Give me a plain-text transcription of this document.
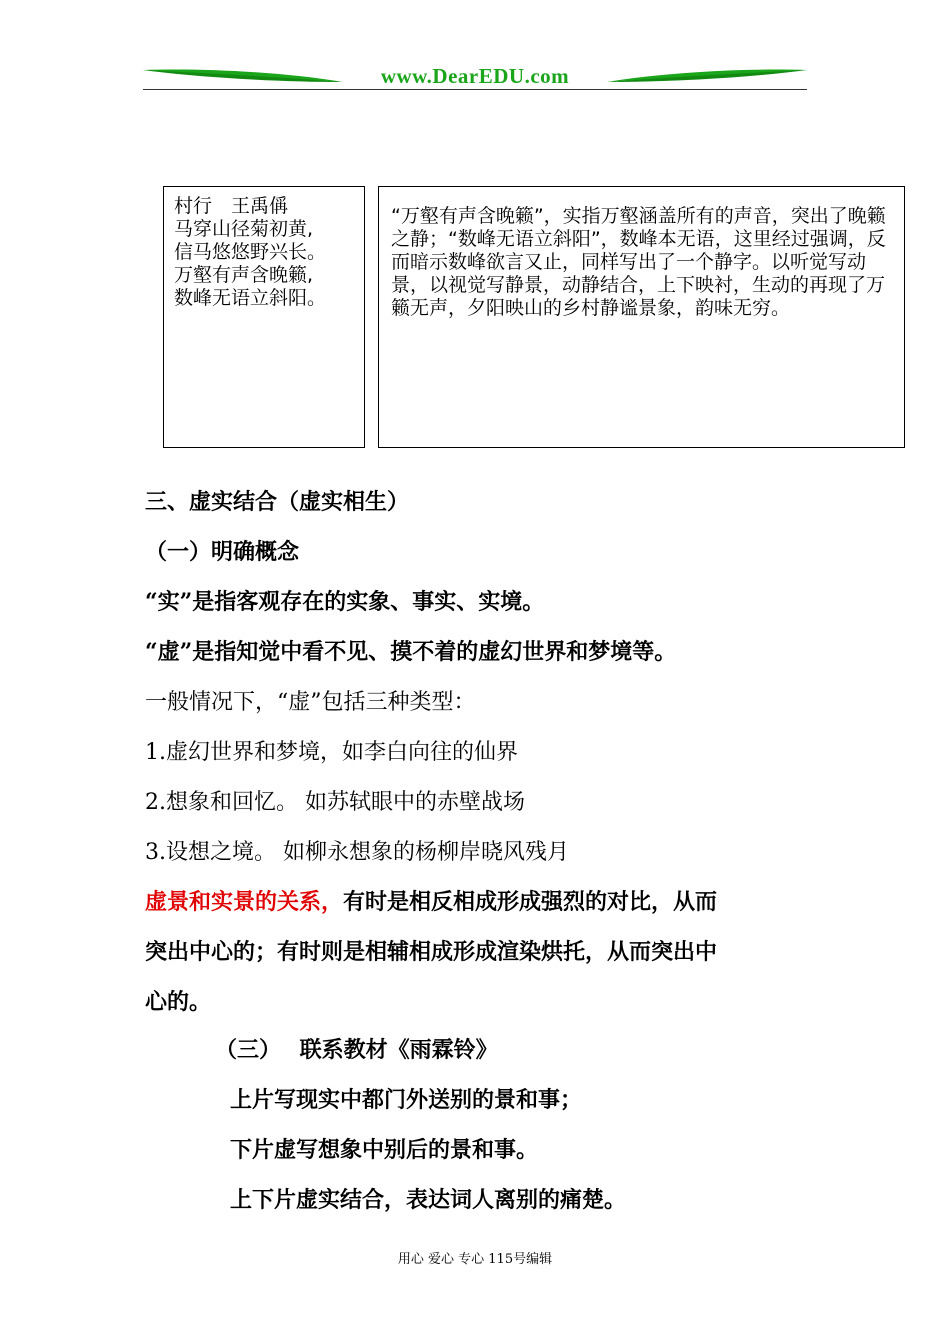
www.DearEDU.com
村行　王禹偁
马穿山径菊初黄,
信马悠悠野兴长。
万壑有声含晚籁,
数峰无语立斜阳。
“万壑有声含晚籁”，实指万壑涵盖所有的声音，突出了晚籁之静；“数峰无语立斜阳”，数峰本无语，这里经过强调，反而暗示数峰欲言又止，同样写出了一个静字。以听觉写动景，以视觉写静景，动静结合，上下映衬，生动的再现了万籁无声，夕阳映山的乡村静谧景象，韵味无穷。
三、虚实结合（虚实相生）
（一）明确概念
“实”是指客观存在的实象、事实、实境。
“虚”是指知觉中看不见、摸不着的虚幻世界和梦境等。
一般情况下，“虚”包括三种类型：
1.虚幻世界和梦境，如李白向往的仙界
2.想象和回忆。 如苏轼眼中的赤壁战场
3.设想之境。 如柳永想象的杨柳岸晓风残月
虚景和实景的关系，有时是相反相成形成强烈的对比，从而
突出中心的；有时则是相辅相成形成渲染烘托，从而突出中
心的。
（三）　 联系教材《雨霖铃》
上片写现实中都门外送别的景和事；
下片虚写想象中别后的景和事。
上下片虚实结合，表达词人离别的痛楚。
用心 爱心 专心 115号编辑
